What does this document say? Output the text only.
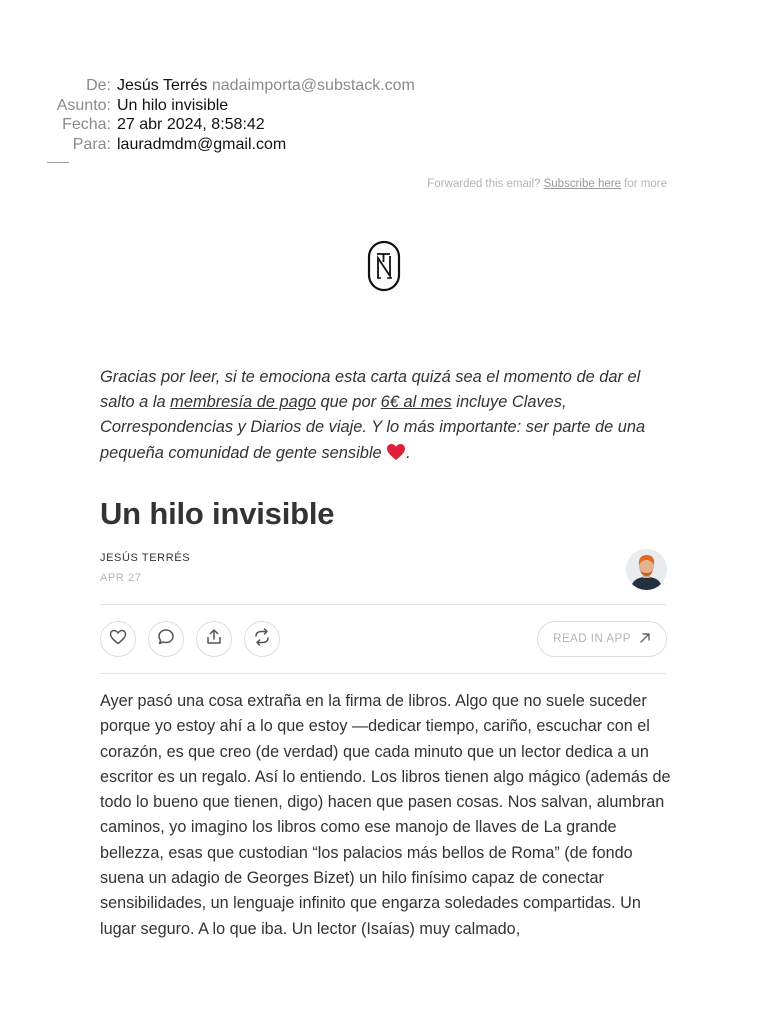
De: Jesús Terrés nadaimporta@substack.com
Asunto: Un hilo invisible
Fecha: 27 abr 2024, 8:58:42
Para: lauradmdm@gmail.com
Forwarded this email? Subscribe here for more
Gracias por leer, si te emociona esta carta quizá sea el momento de dar el salto a la membresía de pago que por 6€ al mes incluye Claves, Correspondencias y Diarios de viaje. Y lo más importante: ser parte de una pequeña comunidad de gente sensible .
Un hilo invisible
JESÚS TERRÉS
APR 27
READ IN APP

Ayer pasó una cosa extraña en la firma de libros. Algo que no suele suceder porque yo estoy ahí a lo que estoy —dedicar tiempo, cariño, escuchar con el corazón, es que creo (de verdad) que cada minuto que un lector dedica a un escritor es un regalo. Así lo entiendo. Los libros tienen algo mágico (además de todo lo bueno que tienen, digo) hacen que pasen cosas. Nos salvan, alumbran caminos, yo imagino los libros como ese manojo de llaves de La grande bellezza, esas que custodian “los palacios más bellos de Roma” (de fondo suena un adagio de Georges Bizet) un hilo finísimo capaz de conectar sensibilidades, un lenguaje infinito que engarza soledades compartidas. Un lugar seguro. A lo que iba. Un lector (Isaías) muy calmado,
